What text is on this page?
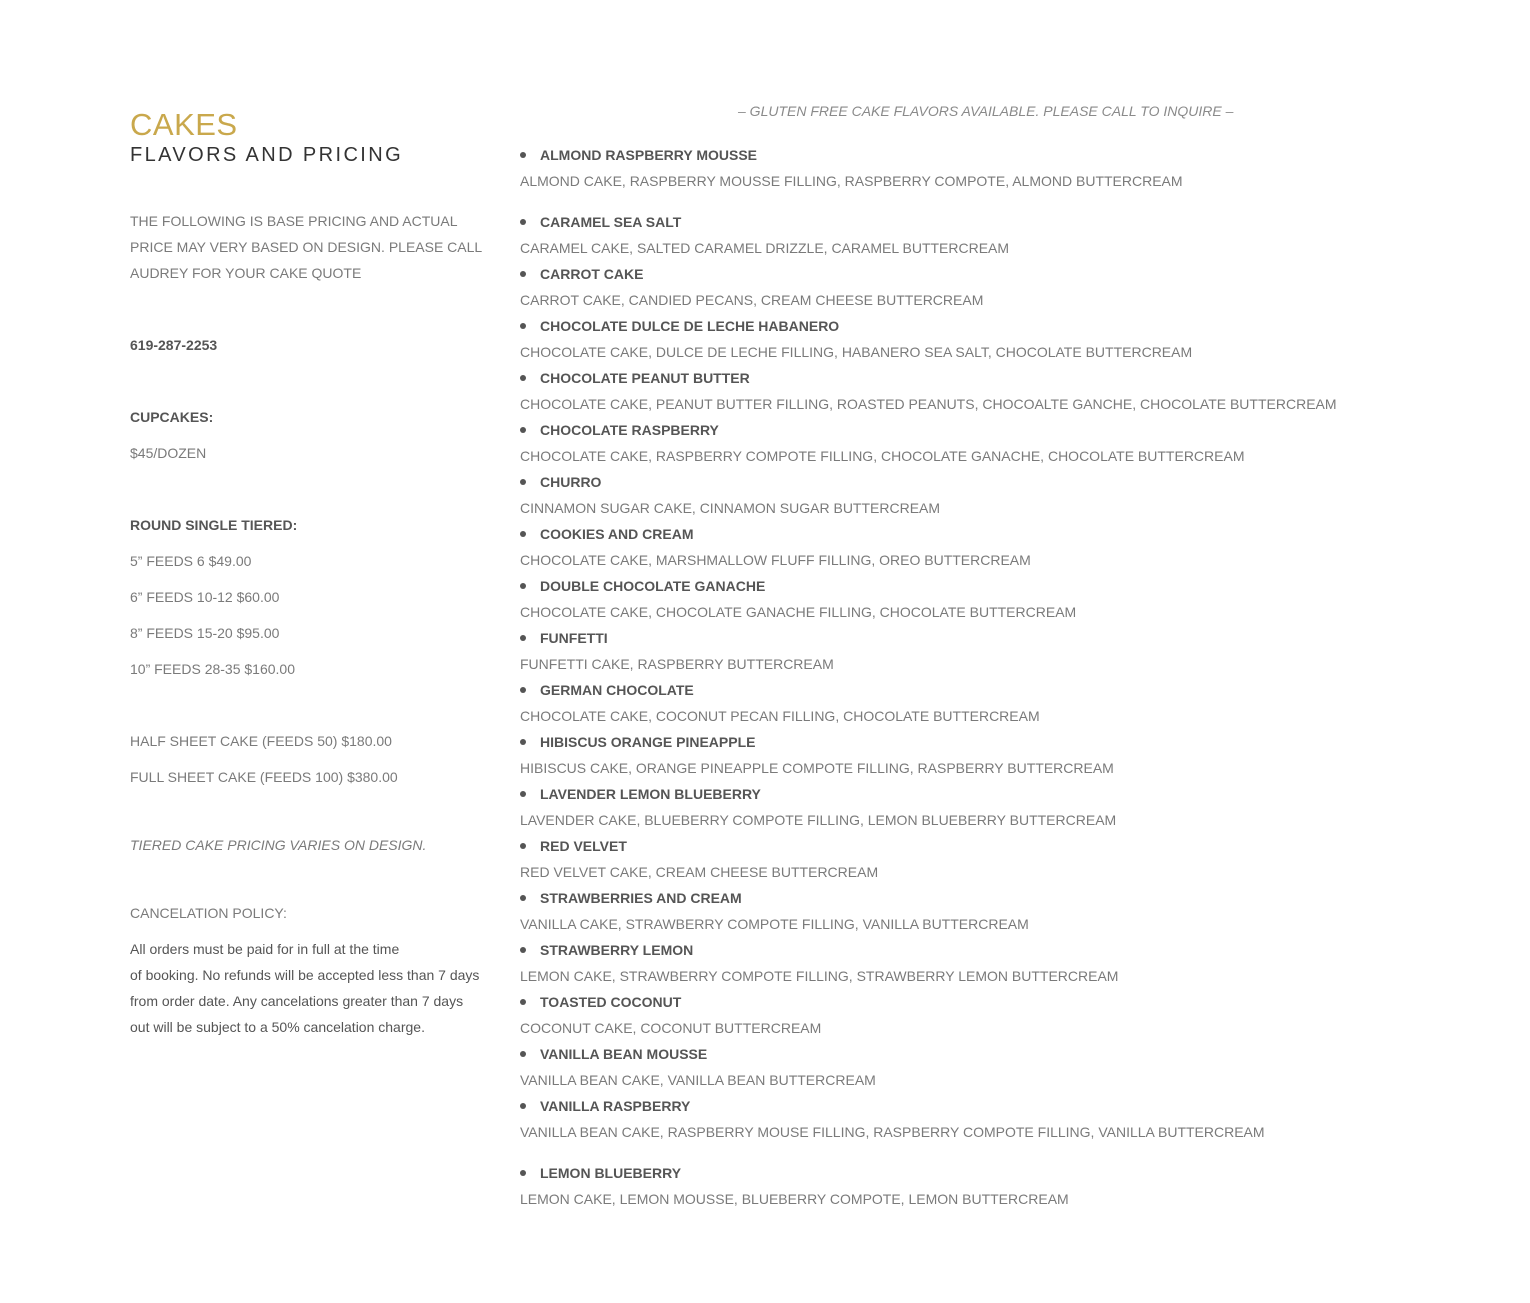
CAKES
FLAVORS AND PRICING

THE FOLLOWING IS BASE PRICING AND ACTUAL PRICE MAY VERY BASED ON DESIGN. PLEASE CALL AUDREY FOR YOUR CAKE QUOTE

619-287-2253

CUPCAKES:

$45/DOZEN

ROUND SINGLE TIERED:

5” FEEDS 6 $49.00

6” FEEDS 10-12 $60.00

8” FEEDS 15-20 $95.00

10” FEEDS 28-35 $160.00

HALF SHEET CAKE (FEEDS 50) $180.00

FULL SHEET CAKE (FEEDS 100) $380.00

TIERED CAKE PRICING VARIES ON DESIGN.

CANCELATION POLICY:

All orders must be paid for in full at the time
of booking. No refunds will be accepted less than 7 days
from order date. Any cancelations greater than 7 days
out will be subject to a 50% cancelation charge.

– GLUTEN FREE CAKE FLAVORS AVAILABLE. PLEASE CALL TO INQUIRE –

ALMOND RASPBERRY MOUSSE
ALMOND CAKE, RASPBERRY MOUSSE FILLING, RASPBERRY COMPOTE, ALMOND BUTTERCREAM
CARAMEL SEA SALT
CARAMEL CAKE, SALTED CARAMEL DRIZZLE, CARAMEL BUTTERCREAM
CARROT CAKE
CARROT CAKE, CANDIED PECANS, CREAM CHEESE BUTTERCREAM
CHOCOLATE DULCE DE LECHE HABANERO
CHOCOLATE CAKE, DULCE DE LECHE FILLING, HABANERO SEA SALT, CHOCOLATE BUTTERCREAM
CHOCOLATE PEANUT BUTTER
CHOCOLATE CAKE, PEANUT BUTTER FILLING, ROASTED PEANUTS, CHOCOALTE GANCHE, CHOCOLATE BUTTERCREAM
CHOCOLATE RASPBERRY
CHOCOLATE CAKE, RASPBERRY COMPOTE FILLING, CHOCOLATE GANACHE, CHOCOLATE BUTTERCREAM
CHURRO
CINNAMON SUGAR CAKE, CINNAMON SUGAR BUTTERCREAM
COOKIES AND CREAM
CHOCOLATE CAKE, MARSHMALLOW FLUFF FILLING, OREO BUTTERCREAM
DOUBLE CHOCOLATE GANACHE
CHOCOLATE CAKE, CHOCOLATE GANACHE FILLING, CHOCOLATE BUTTERCREAM
FUNFETTI
FUNFETTI CAKE, RASPBERRY BUTTERCREAM
GERMAN CHOCOLATE
CHOCOLATE CAKE, COCONUT PECAN FILLING, CHOCOLATE BUTTERCREAM
HIBISCUS ORANGE PINEAPPLE
HIBISCUS CAKE, ORANGE PINEAPPLE COMPOTE FILLING, RASPBERRY BUTTERCREAM
LAVENDER LEMON BLUEBERRY
LAVENDER CAKE, BLUEBERRY COMPOTE FILLING, LEMON BLUEBERRY BUTTERCREAM
RED VELVET
RED VELVET CAKE, CREAM CHEESE BUTTERCREAM
STRAWBERRIES AND CREAM
VANILLA CAKE, STRAWBERRY COMPOTE FILLING, VANILLA BUTTERCREAM
STRAWBERRY LEMON
LEMON CAKE, STRAWBERRY COMPOTE FILLING, STRAWBERRY LEMON BUTTERCREAM
TOASTED COCONUT
COCONUT CAKE, COCONUT BUTTERCREAM
VANILLA BEAN MOUSSE
VANILLA BEAN CAKE, VANILLA BEAN BUTTERCREAM
VANILLA RASPBERRY
VANILLA BEAN CAKE, RASPBERRY MOUSE FILLING, RASPBERRY COMPOTE FILLING, VANILLA BUTTERCREAM
LEMON BLUEBERRY
LEMON CAKE, LEMON MOUSSE, BLUEBERRY COMPOTE, LEMON BUTTERCREAM
